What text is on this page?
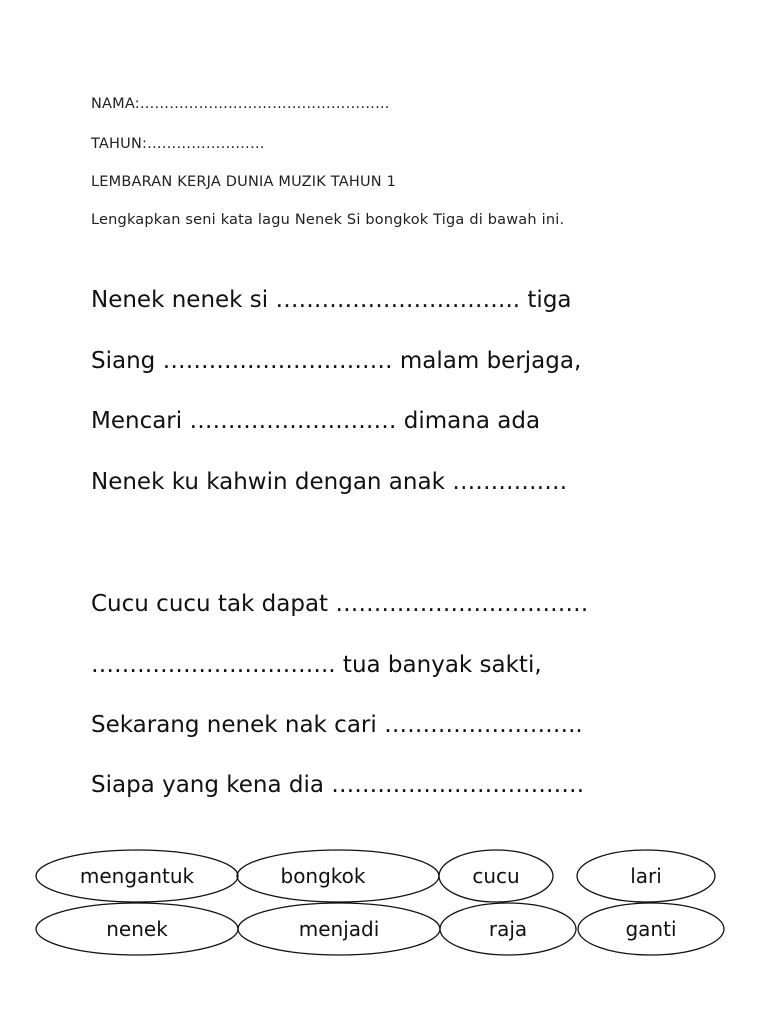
NAMA:……………………………………………
TAHUN:……………………
LEMBARAN KERJA DUNIA MUZIK TAHUN 1
Lengkapkan seni kata lagu Nenek Si bongkok Tiga di bawah ini.
Nenek nenek si ………………………….. tiga
Siang ………………………… malam berjaga,
Mencari ……………………… dimana ada
Nenek ku kahwin dengan anak ……………
Cucu cucu tak dapat ……………………………
………………………….. tua banyak sakti,
Sekarang nenek nak cari ……………………..
Siapa yang kena dia ……………………………
mengantuk	bongkok	cucu	lari
nenek	menjadi	raja	ganti
